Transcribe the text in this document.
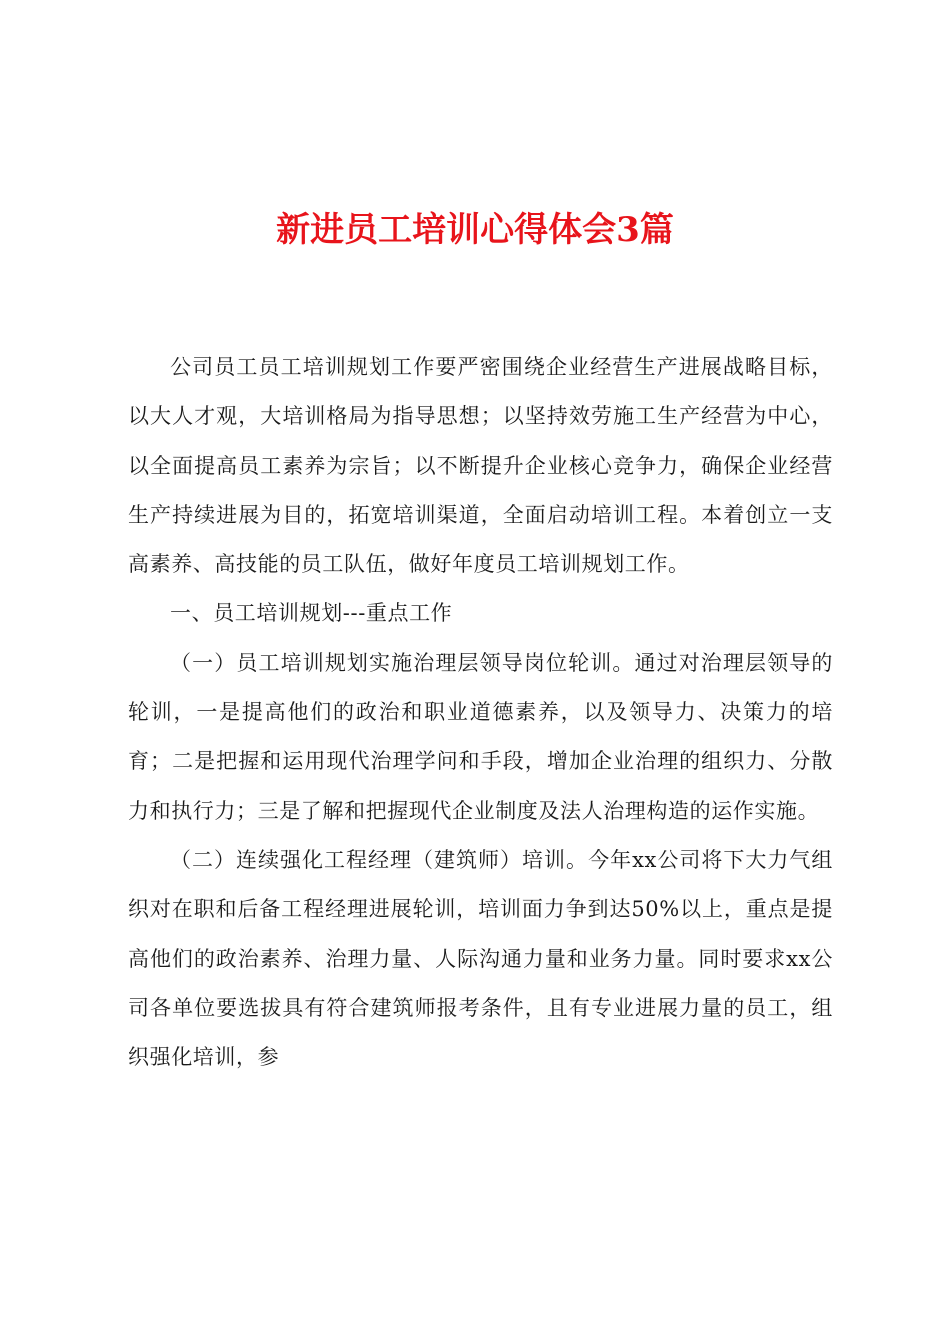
新进员工培训心得体会3篇

公司员工员工培训规划工作要严密围绕企业经营生产进展战略目标，以大人才观，大培训格局为指导思想；以坚持效劳施工生产经营为中心，以全面提高员工素养为宗旨；以不断提升企业核心竞争力，确保企业经营生产持续进展为目的，拓宽培训渠道，全面启动培训工程。本着创立一支高素养、高技能的员工队伍，做好年度员工培训规划工作。

一、员工培训规划---重点工作

（一）员工培训规划实施治理层领导岗位轮训。通过对治理层领导的轮训，一是提高他们的政治和职业道德素养，以及领导力、决策力的培育；二是把握和运用现代治理学问和手段，增加企业治理的组织力、分散力和执行力；三是了解和把握现代企业制度及法人治理构造的运作实施。

（二）连续强化工程经理（建筑师）培训。今年xx公司将下大力气组织对在职和后备工程经理进展轮训，培训面力争到达50%以上，重点是提高他们的政治素养、治理力量、人际沟通力量和业务力量。同时要求xx公司各单位要选拔具有符合建筑师报考条件，且有专业进展力量的员工，组织强化培训，参
